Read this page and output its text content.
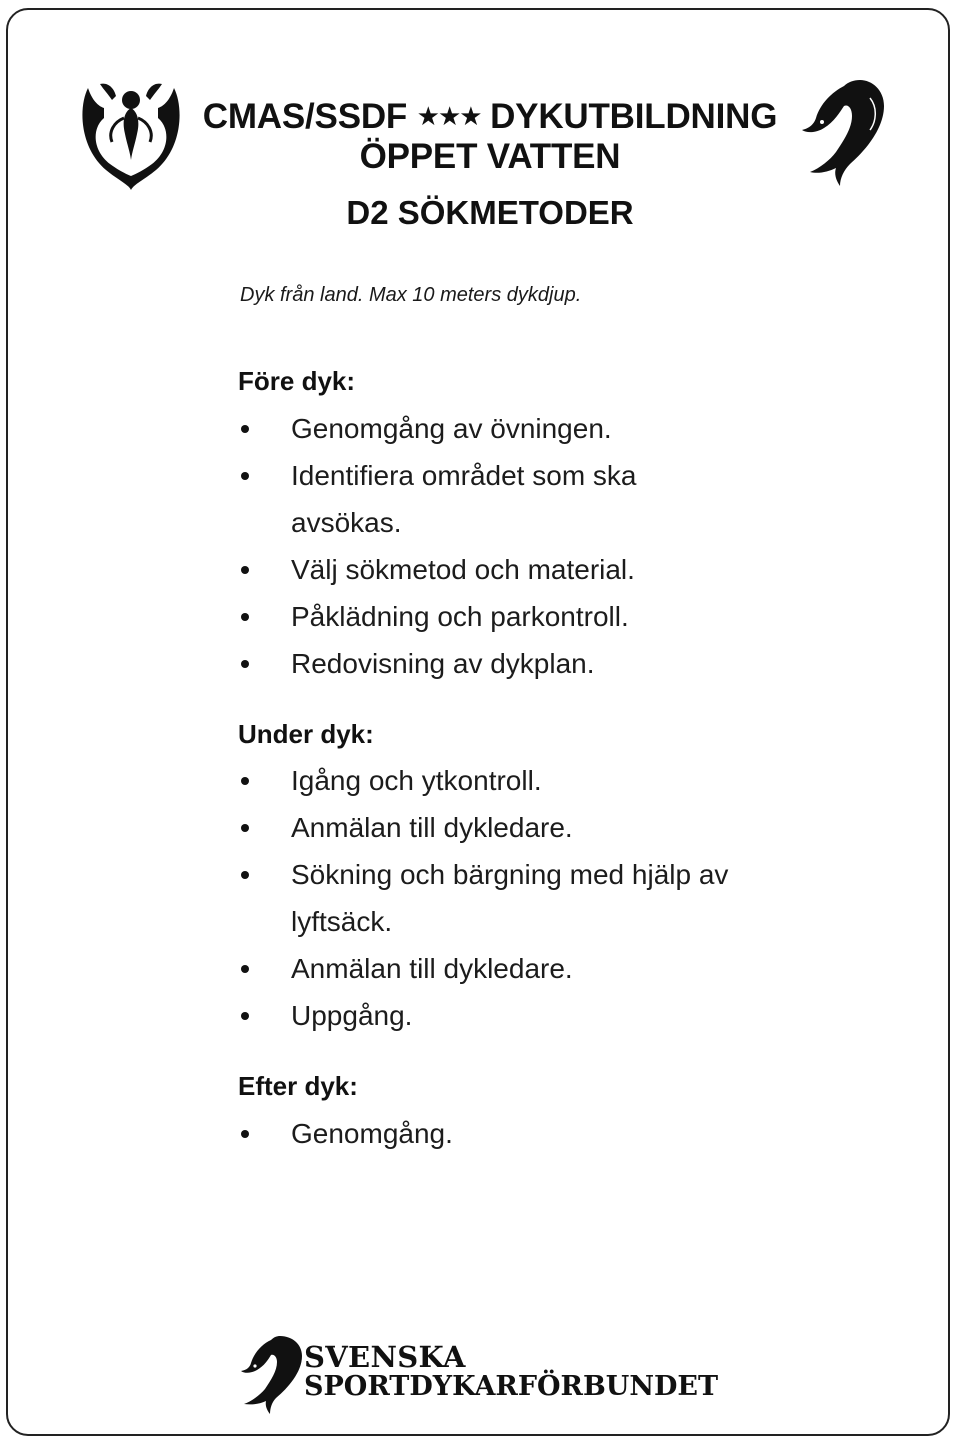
CMAS/SSDF ★★★ DYKUTBILDNING
ÖPPET VATTEN
D2 SÖKMETODER
Dyk från land. Max 10 meters dykdjup.
Före dyk:
Genomgång av övningen.
Identifiera området som ska avsökas.
Välj sökmetod och material.
Påklädning och parkontroll.
Redovisning av dykplan.
Under dyk:
Igång och ytkontroll.
Anmälan till dykledare.
Sökning och bärgning med hjälp av lyftsäck.
Anmälan till dykledare.
Uppgång.
Efter dyk:
Genomgång.
SVENSKA
SPORTDYKARFÖRBUNDET
